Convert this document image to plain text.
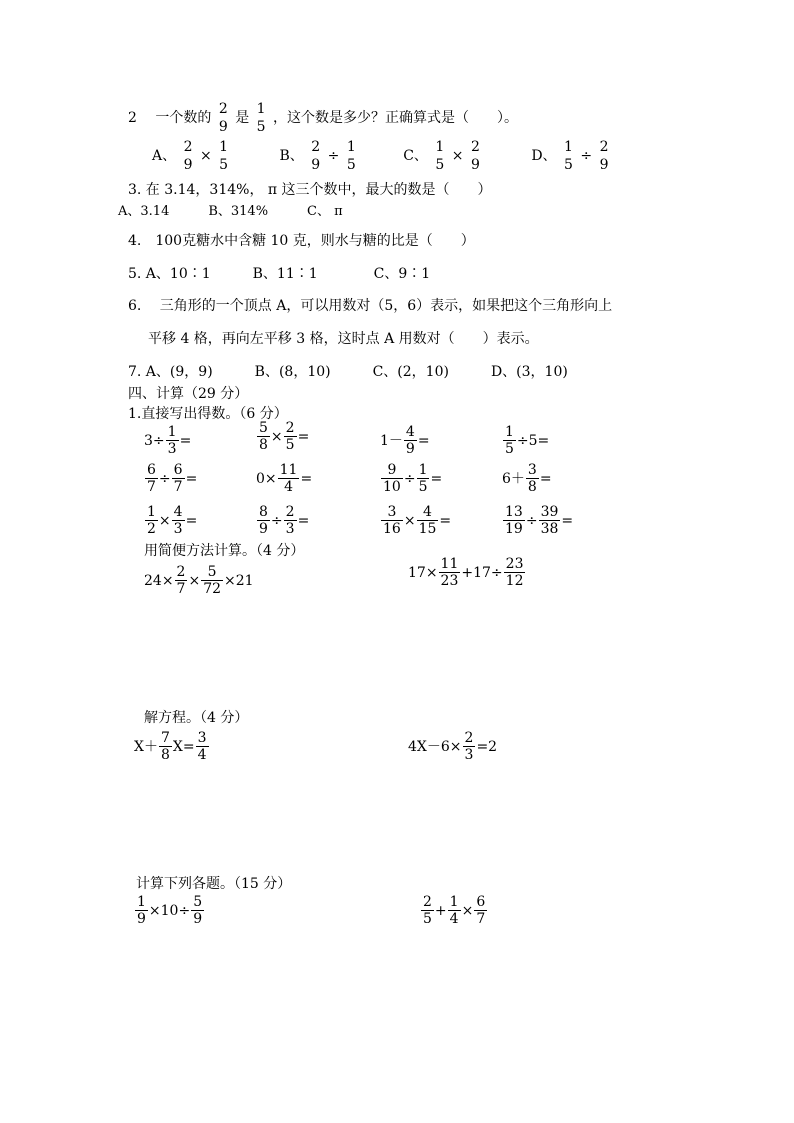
2 一个数的
2
9
是
1
5
，这个数是多少？正确算式是（　　）。
A、
2
9
×
1
5
B、
2
9
÷
1
5
C、
1
5
×
2
9
D、
1
5
÷
2
9
3. 在 3.14，314%， π 这三个数中，最大的数是（　　）
A、3.14　　　B、314%　　　C、 π
4.　100克糖水中含糖 10 克，则水与糖的比是（　　）
5. A、10∶1　　　B、11∶1　　　　C、9∶1
6.　 三角形的一个顶点 A，可以用数对（5，6）表示，如果把这个三角形向上
平移 4 格，再向左平移 3 格，这时点 A 用数对（　　）表示。
7. A、(9，9)　　　B、(8，10)　　　C、(2，10)　　　D、(3，10)
四、计算（29 分）
1.直接写出得数。（6 分）
$3\div \frac{1}{3}$ =	$\frac{5}{8} \times \frac{2}{5}$ =	$1- \frac{4}{9}$ =	$\frac{1}{5} \div 5=$
$\frac{6}{7} \div \frac{6}{7}$ =	$0\times \frac{11}{4}$ =	$\frac{9}{10} \div \frac{1}{5}$ =	$6+ \frac{3}{8}$ =
$\frac{1}{2} \times \frac{4}{3}$ =	$\frac{8}{9} \div \frac{2}{3}$ =	$\frac{3}{16} \times \frac{4}{15}$ =	$\frac{13}{19} \div \frac{39}{38}$ =
用简便方法计算。（4 分）
$24\times \frac{2}{7} \times \frac{5}{72} \times 21$	$17\times \frac{11}{23} +17\div \frac{23}{12}$
解方程。（4 分）
$X+ \frac{7}{8} X= \frac{3}{4}$	$4X-6\times \frac{2}{3} =2$
计算下列各题。（15 分）
$\frac{1}{9} \times 10\div \frac{5}{9}$	$\frac{2}{5} + \frac{1}{4} \times \frac{6}{7}$
